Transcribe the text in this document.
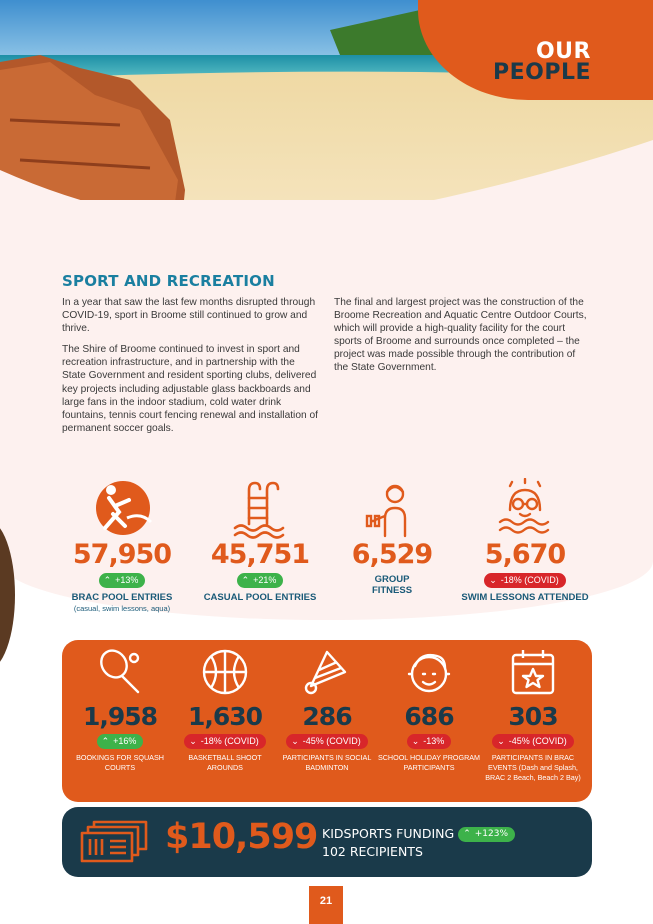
OUR
PEOPLE
SPORT AND RECREATION

In a year that saw the last few months disrupted through COVID-19, sport in Broome still continued to grow and thrive.

The Shire of Broome continued to invest in sport and recreation infrastructure, and in partnership with the State Government and resident sporting clubs, delivered key projects including adjustable glass backboards and large fans in the indoor stadium, cold water drink fountains, tennis court fencing renewal and installation of permanent soccer goals.

The final and largest project was the construction of the Broome Recreation and Aquatic Centre Outdoor Courts, which will provide a high-quality facility for the court sports of Broome and surrounds once completed – the project was made possible through the contribution of the State Government.

57,950
⌃ +13%
BRAC POOL ENTRIES
(casual, swim lessons, aqua)
45,751
⌃ +21%
CASUAL POOL ENTRIES
6,529
GROUP FITNESS
5,670
⌄ -18% (COVID)
SWIM LESSONS ATTENDED
1,958
⌃ +16%
BOOKINGS FOR SQUASH COURTS
1,630
⌄ -18% (COVID)
BASKETBALL SHOOT AROUNDS
286
⌄ -45% (COVID)
PARTICIPANTS IN SOCIAL BADMINTON
686
⌄ -13%
SCHOOL HOLIDAY PROGRAM PARTICIPANTS
303
⌄ -45% (COVID)
PARTICIPANTS IN BRAC EVENTS (Dash and Splash, BRAC 2 Beach, Beach 2 Bay)
$10,599 KIDSPORTS FUNDING ⌃ +123%
102 RECIPIENTS
21
